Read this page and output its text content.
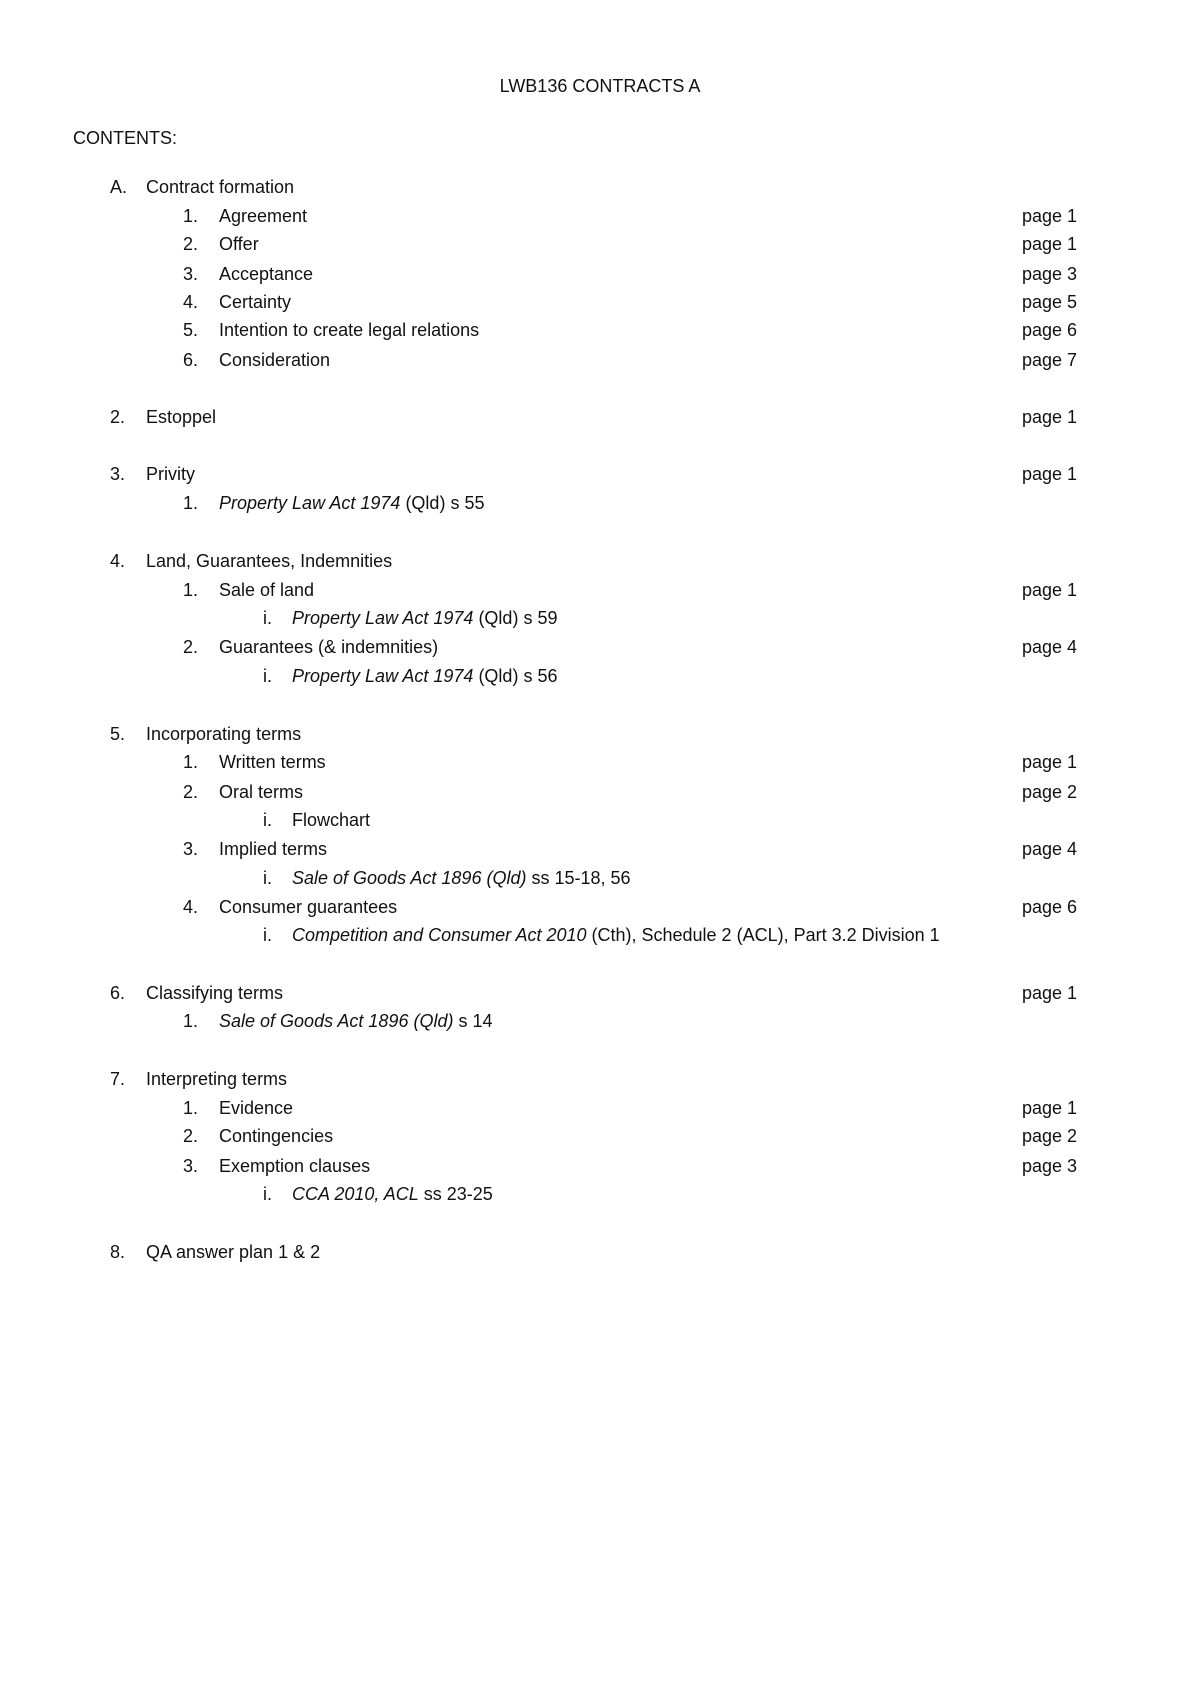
LWB136 CONTRACTS A
CONTENTS:
A. Contract formation
1. Agreement	page 1
2. Offer	page 1
3. Acceptance	page 3
4. Certainty	page 5
5. Intention to create legal relations	page 6
6. Consideration	page 7
2. Estoppel	page 1
3. Privity	page 1
1. Property Law Act 1974 (Qld) s 55
4. Land, Guarantees, Indemnities
1. Sale of land	page 1
i. Property Law Act 1974 (Qld) s 59
2. Guarantees (& indemnities)	page 4
i. Property Law Act 1974 (Qld) s 56
5. Incorporating terms
1. Written terms	page 1
2. Oral terms	page 2
i. Flowchart
3. Implied terms	page 4
i. Sale of Goods Act 1896 (Qld) ss 15-18, 56
4. Consumer guarantees	page 6
i. Competition and Consumer Act 2010 (Cth), Schedule 2 (ACL), Part 3.2 Division 1
6. Classifying terms	page 1
1. Sale of Goods Act 1896 (Qld) s 14
7. Interpreting terms
1. Evidence	page 1
2. Contingencies	page 2
3. Exemption clauses	page 3
i. CCA 2010, ACL ss 23-25
8. QA answer plan 1 & 2
